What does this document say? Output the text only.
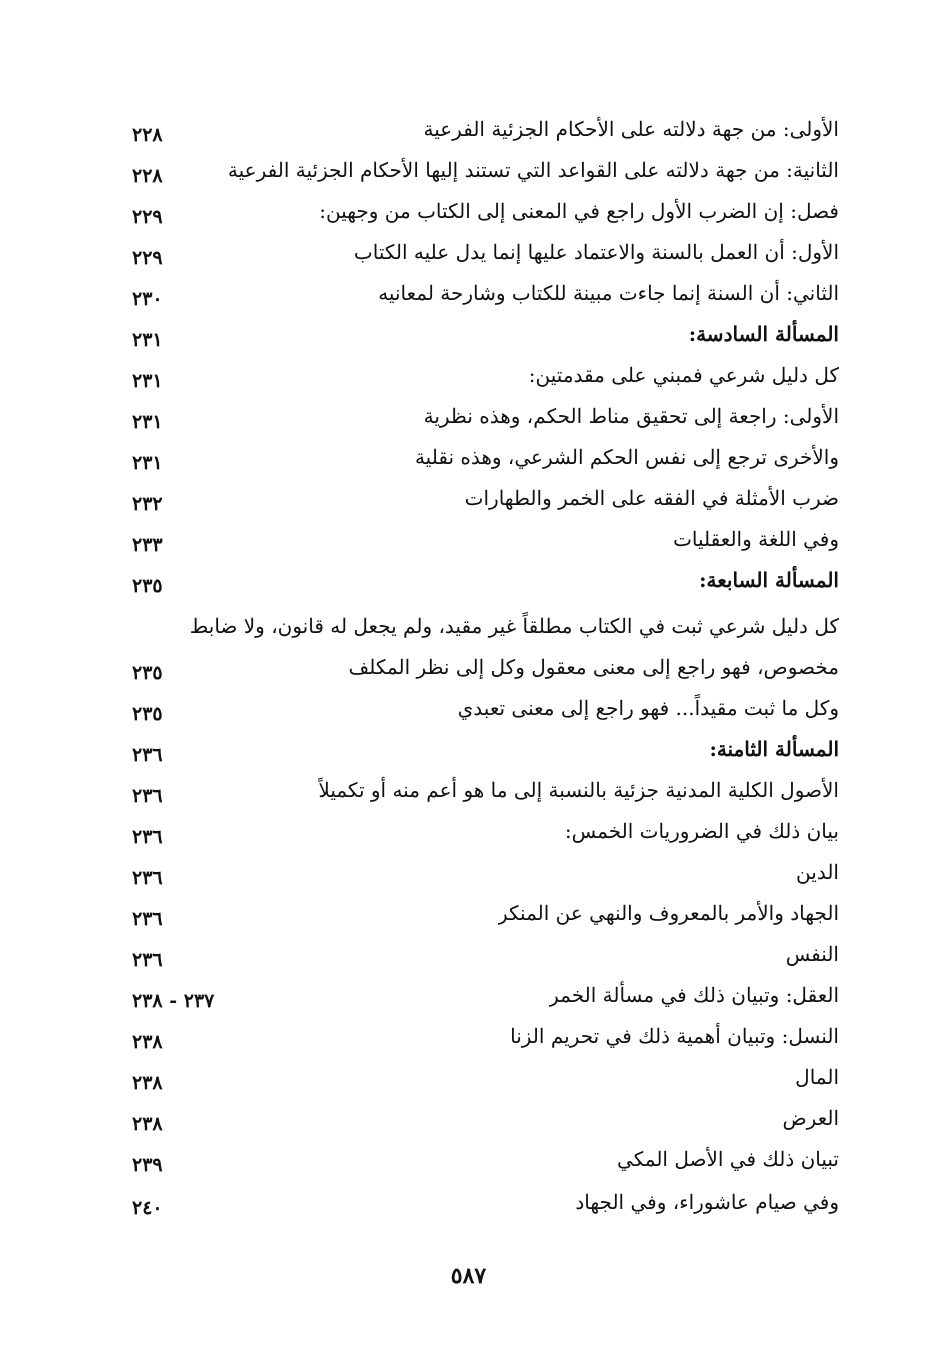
الأولى: من جهة دلالته على الأحكام الجزئية الفرعية
٢٢٨
الثانية: من جهة دلالته على القواعد التي تستند إليها الأحكام الجزئية الفرعية
٢٢٨
فصل: إن الضرب الأول راجع في المعنى إلى الكتاب من وجهين:
٢٢٩
الأول: أن العمل بالسنة والاعتماد عليها إنما يدل عليه الكتاب
٢٢٩
الثاني: أن السنة إنما جاءت مبينة للكتاب وشارحة لمعانيه
٢٣٠
المسألة السادسة:
٢٣١
كل دليل شرعي فمبني على مقدمتين:
٢٣١
الأولى: راجعة إلى تحقيق مناط الحكم، وهذه نظرية
٢٣١
والأخرى ترجع إلى نفس الحكم الشرعي، وهذه نقلية
٢٣١
ضرب الأمثلة في الفقه على الخمر والطهارات
٢٣٢
وفي اللغة والعقليات
٢٣٣
المسألة السابعة:
٢٣٥
كل دليل شرعي ثبت في الكتاب مطلقاً غير مقيد، ولم يجعل له قانون، ولا ضابط
مخصوص، فهو راجع إلى معنى معقول وكل إلى نظر المكلف
٢٣٥
وكل ما ثبت مقيداً... فهو راجع إلى معنى تعبدي
٢٣٥
المسألة الثامنة:
٢٣٦
الأصول الكلية المدنية جزئية بالنسبة إلى ما هو أعم منه أو تكميلاً
٢٣٦
بيان ذلك في الضروريات الخمس:
٢٣٦
الدين
٢٣٦
الجهاد والأمر بالمعروف والنهي عن المنكر
٢٣٦
النفس
٢٣٦
العقل: وتبيان ذلك في مسألة الخمر
٢٣٧ - ٢٣٨
النسل: وتبيان أهمية ذلك في تحريم الزنا
٢٣٨
المال
٢٣٨
العرض
٢٣٨
تبيان ذلك في الأصل المكي
٢٣٩
وفي صيام عاشوراء، وفي الجهاد
٢٤٠
٥٨٧
